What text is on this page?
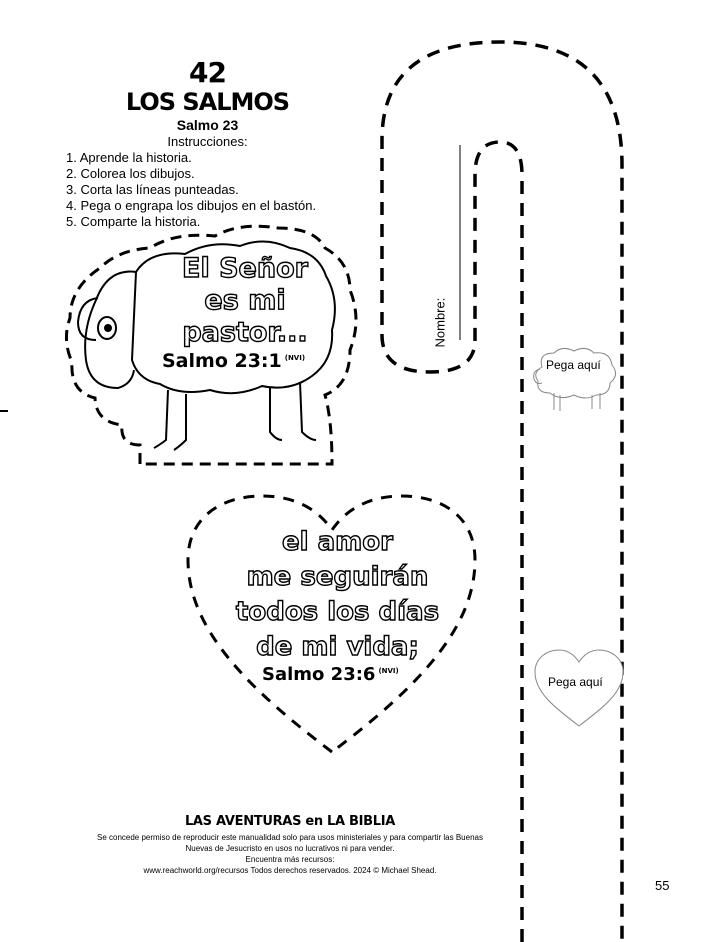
42
LOS SALMOS
Salmo 23
Instrucciones:
1. Aprende la historia.
2. Colorea los dibujos.
3. Corta las líneas punteadas.
4. Pega o engrapa los dibujos en el bastón.
5. Comparte la historia.
Nombre:
Pega aquí
Pega aquí
El Señor
es mi
pastor...
Salmo 23:1 $^{(NVI)}$
el amor
me seguirán
todos los días
de mi vida;
Salmo 23:6 $^{(NVI)}$
LAS AVENTURAS en LA BIBLIA
Se concede permiso de reproducir este manualidad solo para usos ministeriales y para compartir las Buenas
Nuevas de Jesucristo en usos no lucrativos ni para vender.
Encuentra más recursos:
www.reachworld.org/recursos Todos derechos reservados. 2024 © Michael Shead.
55
